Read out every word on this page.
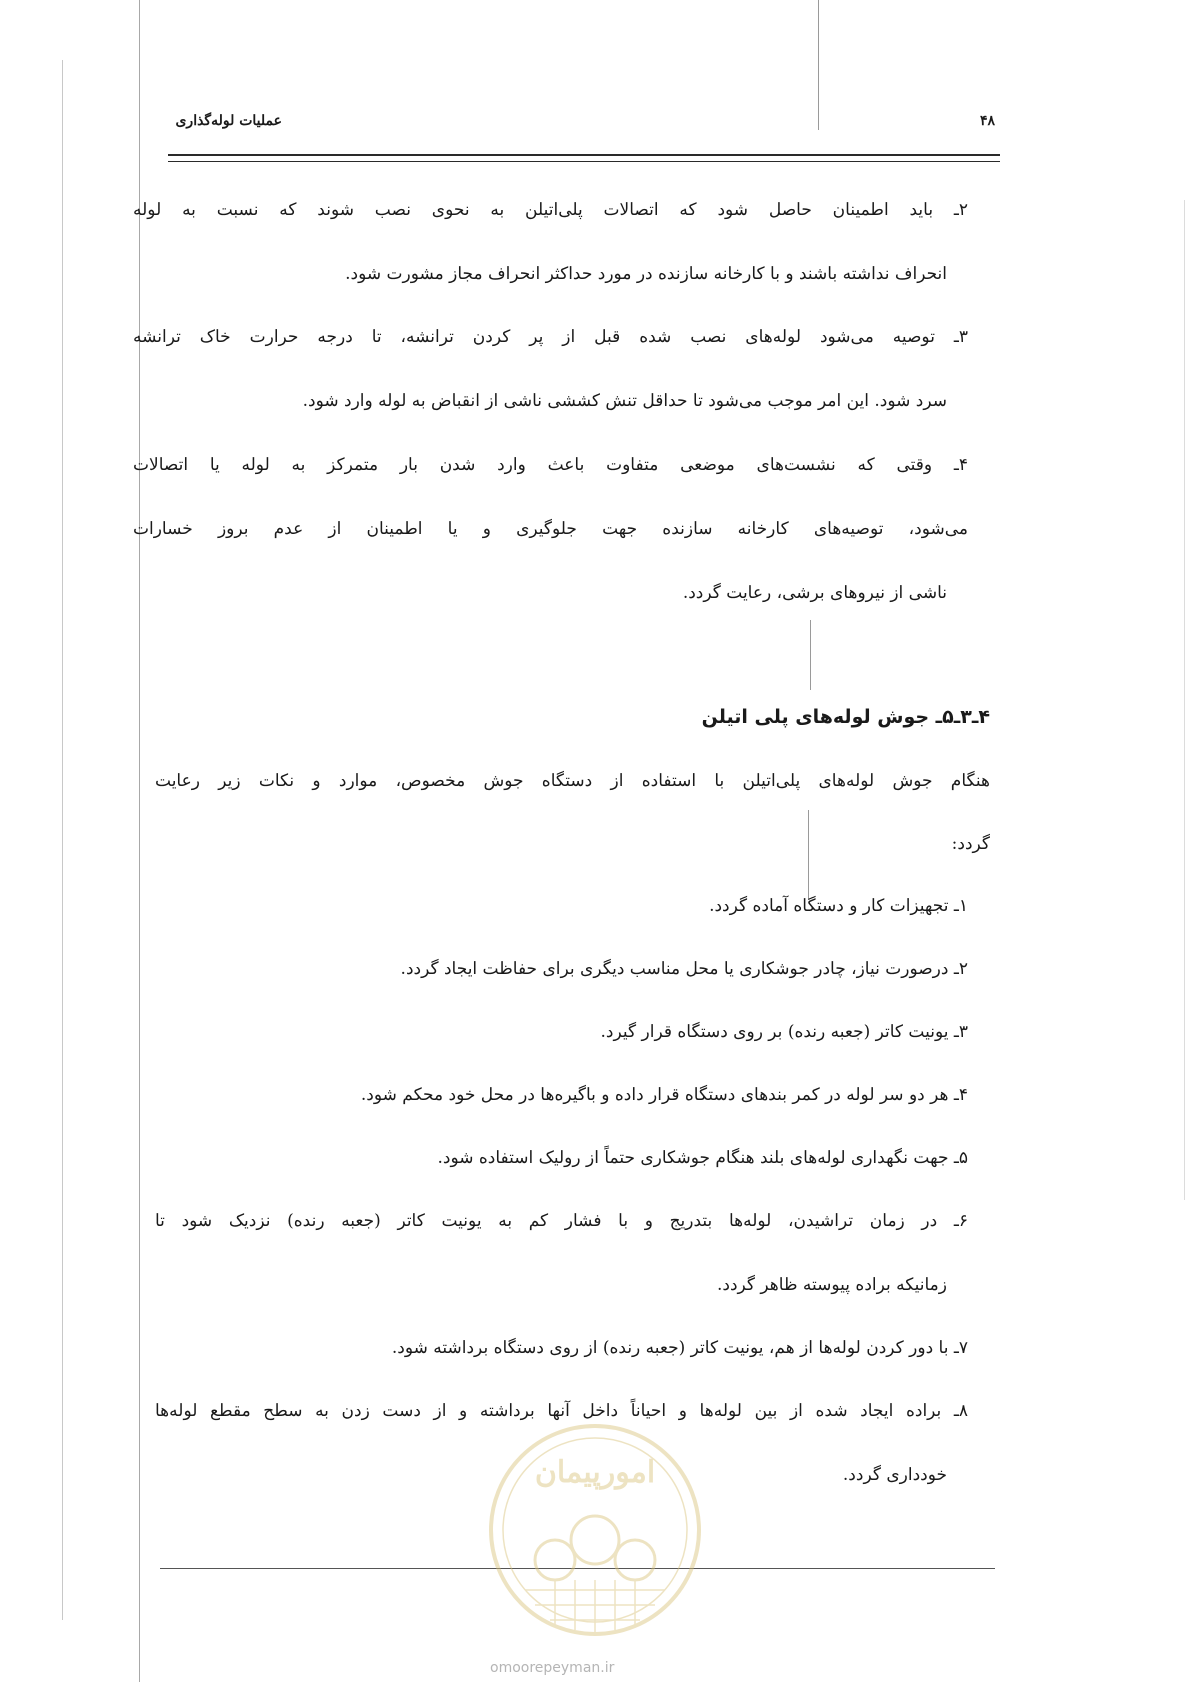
عملیات لوله‌گذاری	۴۸
۲ـ باید اطمینان حاصل شود که اتصالات پلی‌اتیلن به نحوی نصب شوند که نسبت به لوله
انحراف نداشته باشند و با کارخانه سازنده در مورد حداکثر انحراف مجاز مشورت شود.
۳ـ توصیه می‌شود لوله‌های نصب شده قبل از پر کردن ترانشه، تا درجه حرارت خاک ترانشه
سرد شود. این امر موجب می‌شود تا حداقل تنش کششی ناشی از انقباض به لوله وارد شود.
۴ـ وقتی که نشست‌های موضعی متفاوت باعث وارد شدن بار متمرکز به لوله یا اتصالات
می‌شود، توصیه‌های کارخانه سازنده جهت جلوگیری و یا اطمینان از عدم بروز خسارات
ناشی از نیروهای برشی، رعایت گردد.
۴ـ۳ـ۵ـ جوش لوله‌های پلی اتیلن
هنگام جوش لوله‌های پلی‌اتیلن با استفاده از دستگاه جوش مخصوص، موارد و نکات زیر رعایت
گردد:
۱ـ تجهیزات کار و دستگاه آماده گردد.
۲ـ درصورت نیاز، چادر جوشکاری یا محل مناسب دیگری برای حفاظت ایجاد گردد.
۳ـ یونیت کاتر (جعبه رنده) بر روی دستگاه قرار گیرد.
۴ـ هر دو سر لوله در کمر بندهای دستگاه قرار داده و باگیره‌ها در محل خود محکم شود.
۵ـ جهت نگهداری لوله‌های بلند هنگام جوشکاری حتماً از رولیک استفاده شود.
۶ـ در زمان تراشیدن، لوله‌ها بتدریج و با فشار کم به یونیت کاتر (جعبه رنده) نزدیک شود تا
زمانیکه براده پیوسته ظاهر گردد.
۷ـ با دور کردن لوله‌ها از هم، یونیت کاتر (جعبه رنده) از روی دستگاه برداشته شود.
۸ـ براده ایجاد شده از بین لوله‌ها و احیاناً داخل آنها برداشته و از دست زدن به سطح مقطع لوله‌ها
خودداری گردد.
امورپیمان
omoorepeyman.ir
